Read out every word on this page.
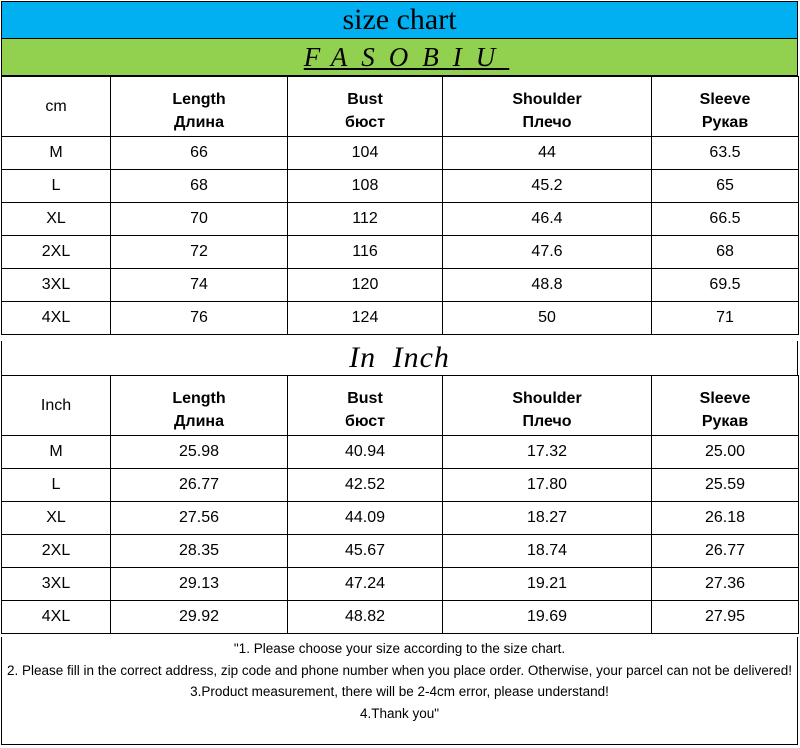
size chart
FASOBIU
cm	Length	Bust	Shoulder	Sleeve
	Длина	бюст	Плечо	Рукав
M	66	104	44	63.5
L	68	108	45.2	65
XL	70	112	46.4	66.5
2XL	72	116	47.6	68
3XL	74	120	48.8	69.5
4XL	76	124	50	71
In Inch
Inch	Length	Bust	Shoulder	Sleeve
	Длина	бюст	Плечо	Рукав
M	25.98	40.94	17.32	25.00
L	26.77	42.52	17.80	25.59
XL	27.56	44.09	18.27	26.18
2XL	28.35	45.67	18.74	26.77
3XL	29.13	47.24	19.21	27.36
4XL	29.92	48.82	19.69	27.95
"1. Please choose your size according to the size chart.
2. Please fill in the correct address, zip code and phone number when you place order. Otherwise, your parcel can not be delivered!
3.Product measurement, there will be 2-4cm error, please understand!
4.Thank you"
